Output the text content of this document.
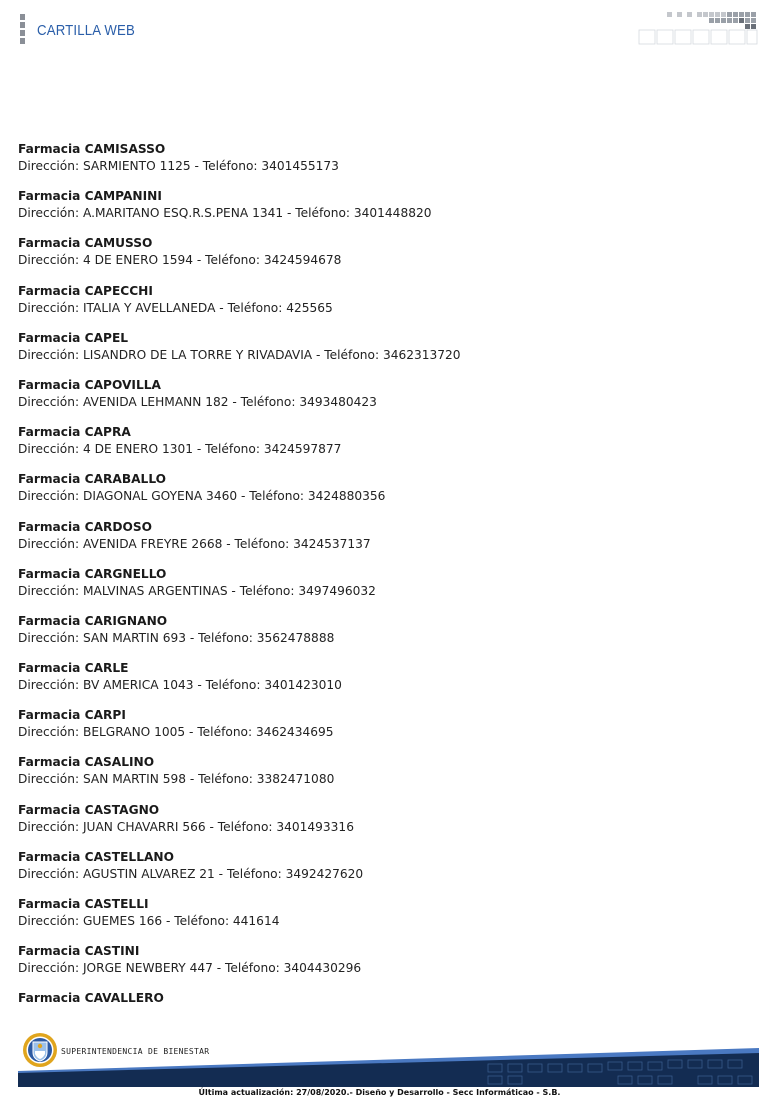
CARTILLA WEB
Farmacia CAMISASSO
Dirección: SARMIENTO 1125 - Teléfono: 3401455173
Farmacia CAMPANINI
Dirección: A.MARITANO ESQ.R.S.PENA 1341 - Teléfono: 3401448820
Farmacia CAMUSSO
Dirección: 4 DE ENERO 1594 - Teléfono: 3424594678
Farmacia CAPECCHI
Dirección: ITALIA Y AVELLANEDA - Teléfono: 425565
Farmacia CAPEL
Dirección: LISANDRO DE LA TORRE Y RIVADAVIA - Teléfono: 3462313720
Farmacia CAPOVILLA
Dirección: AVENIDA LEHMANN 182 - Teléfono: 3493480423
Farmacia CAPRA
Dirección: 4 DE ENERO 1301 - Teléfono: 3424597877
Farmacia CARABALLO
Dirección: DIAGONAL GOYENA 3460 - Teléfono: 3424880356
Farmacia CARDOSO
Dirección: AVENIDA FREYRE 2668 - Teléfono: 3424537137
Farmacia CARGNELLO
Dirección: MALVINAS ARGENTINAS - Teléfono: 3497496032
Farmacia CARIGNANO
Dirección: SAN MARTIN 693 - Teléfono: 3562478888
Farmacia CARLE
Dirección: BV AMERICA 1043 - Teléfono: 3401423010
Farmacia CARPI
Dirección: BELGRANO 1005 - Teléfono: 3462434695
Farmacia CASALINO
Dirección: SAN MARTIN 598 - Teléfono: 3382471080
Farmacia CASTAGNO
Dirección: JUAN CHAVARRI 566 - Teléfono: 3401493316
Farmacia CASTELLANO
Dirección: AGUSTIN ALVAREZ 21 - Teléfono: 3492427620
Farmacia CASTELLI
Dirección: GUEMES 166 - Teléfono: 441614
Farmacia CASTINI
Dirección: JORGE NEWBERY 447 - Teléfono: 3404430296
Farmacia CAVALLERO
SUPERINTENDENCIA DE BIENESTAR
Última actualización: 27/08/2020.- Diseño y Desarrollo - Secc Informáticao - S.B.
